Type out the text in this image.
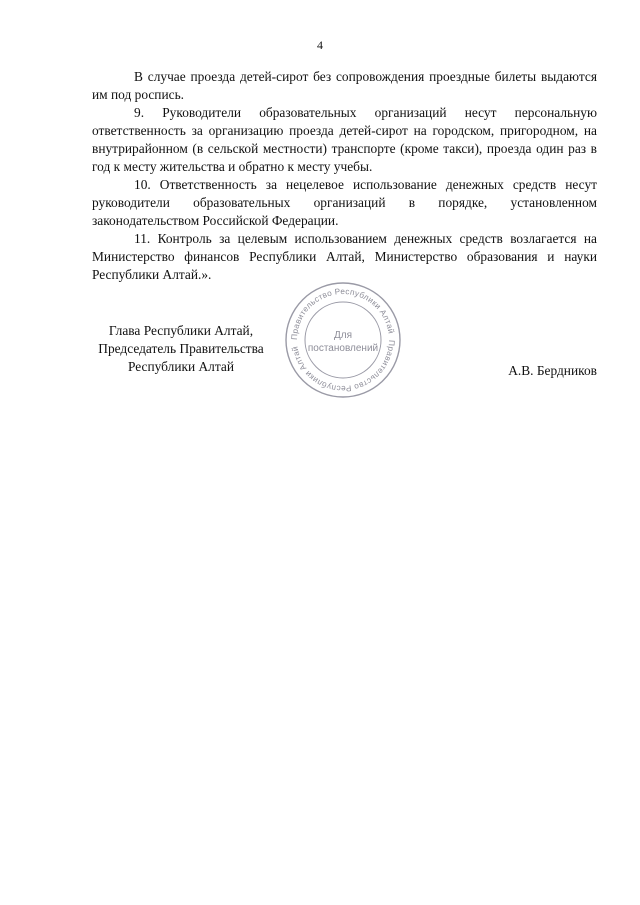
4

В случае проезда детей-сирот без сопровождения проездные билеты выдаются им под роспись.

9. Руководители образовательных организаций несут персональную ответственность за организацию проезда детей-сирот на городском, пригородном, на внутрирайонном (в сельской местности) транспорте (кроме такси), проезда один раз в год к месту жительства и обратно к месту учебы.

10. Ответственность за нецелевое использование денежных средств несут руководители образовательных организаций в порядке, установленном законодательством Российской Федерации.

11. Контроль за целевым использованием денежных средств возлагается на Министерство финансов Республики Алтай, Министерство образования и науки Республики Алтай.».

Глава Республики Алтай,
Председатель Правительства
Республики Алтай	А.В. Бердников
Правительство Республики Алтай
Правительство Республики Алтай
Для
постановлений
